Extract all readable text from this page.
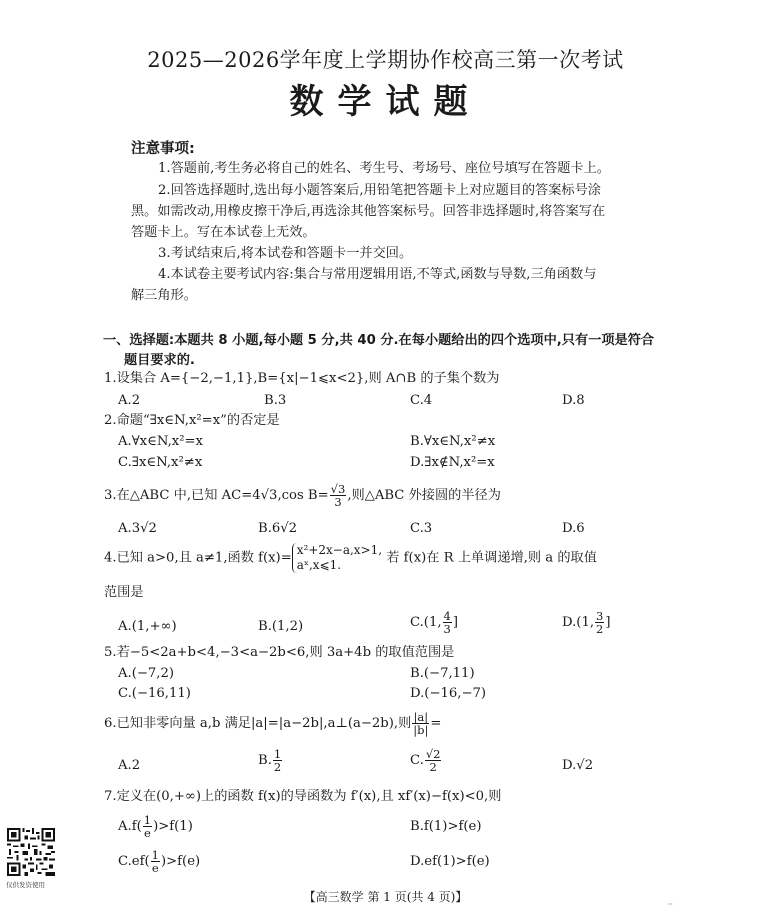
2025—2026学年度上学期协作校高三第一次考试
数学试题
注意事项:
1.答题前,考生务必将自己的姓名、考生号、考场号、座位号填写在答题卡上。
2.回答选择题时,选出每小题答案后,用铅笔把答题卡上对应题目的答案标号涂
黑。如需改动,用橡皮擦干净后,再选涂其他答案标号。回答非选择题时,将答案写在
答题卡上。写在本试卷上无效。
3.考试结束后,将本试卷和答题卡一并交回。
4.本试卷主要考试内容:集合与常用逻辑用语,不等式,函数与导数,三角函数与
解三角形。
一、选择题:本题共 8 小题,每小题 5 分,共 40 分.在每小题给出的四个选项中,只有一项是符合
题目要求的.
1.设集合 A={−2,−1,1},B={x|−1⩽x<2},则 A∩B 的子集个数为
A.2	B.3	C.4	D.8
2.命题“∃x∈N,x²=x”的否定是
A.∀x∈N,x²=x	B.∀x∈N,x²≠x
C.∃x∈N,x²≠x	D.∃x∉N,x²=x
3.在△ABC 中,已知 AC=4√3,cos $B= \frac{√3}{3}$ ,则△ABC 外接圆的半径为
A.3√2	B.6√2	C.3	D.6
4.已知 a>0,且 a≠1,函数 f(x)=
x²+2x−a,x>1,
aˣ,x⩽1.	若 f(x)在 R 上单调递增,则 a 的取值
范围是
A.(1,+∞)	B.(1,2)	C.(1, $\frac{4}{3}$ ]	D.(1, $\frac{3}{2}$ ]
5.若−5<2a+b<4,−3<a−2b<6,则 3a+4b 的取值范围是
A.(−7,2)	B.(−7,11)
C.(−16,11)	D.(−16,−7)
6.已知非零向量 a,b 满足|a|=|a−2b|,a⊥(a−2b),则 $\frac{|a|}{|b|}$ =
A.2	B. $\frac{1}{2}$	C. $\frac{√2}{2}$	D.√2
7.定义在(0,+∞)上的函数 f(x)的导函数为 f′(x),且 xf′(x)−f(x)<0,则
$A.f( \frac{1}{e} )>f(1)$	B.f(1)>f(e)
$C.ef( \frac{1}{e} )>f(e)$	D.ef(1)>f(e)
仅供发资使用
【高三数学 第 1 页(共 4 页)】
··
